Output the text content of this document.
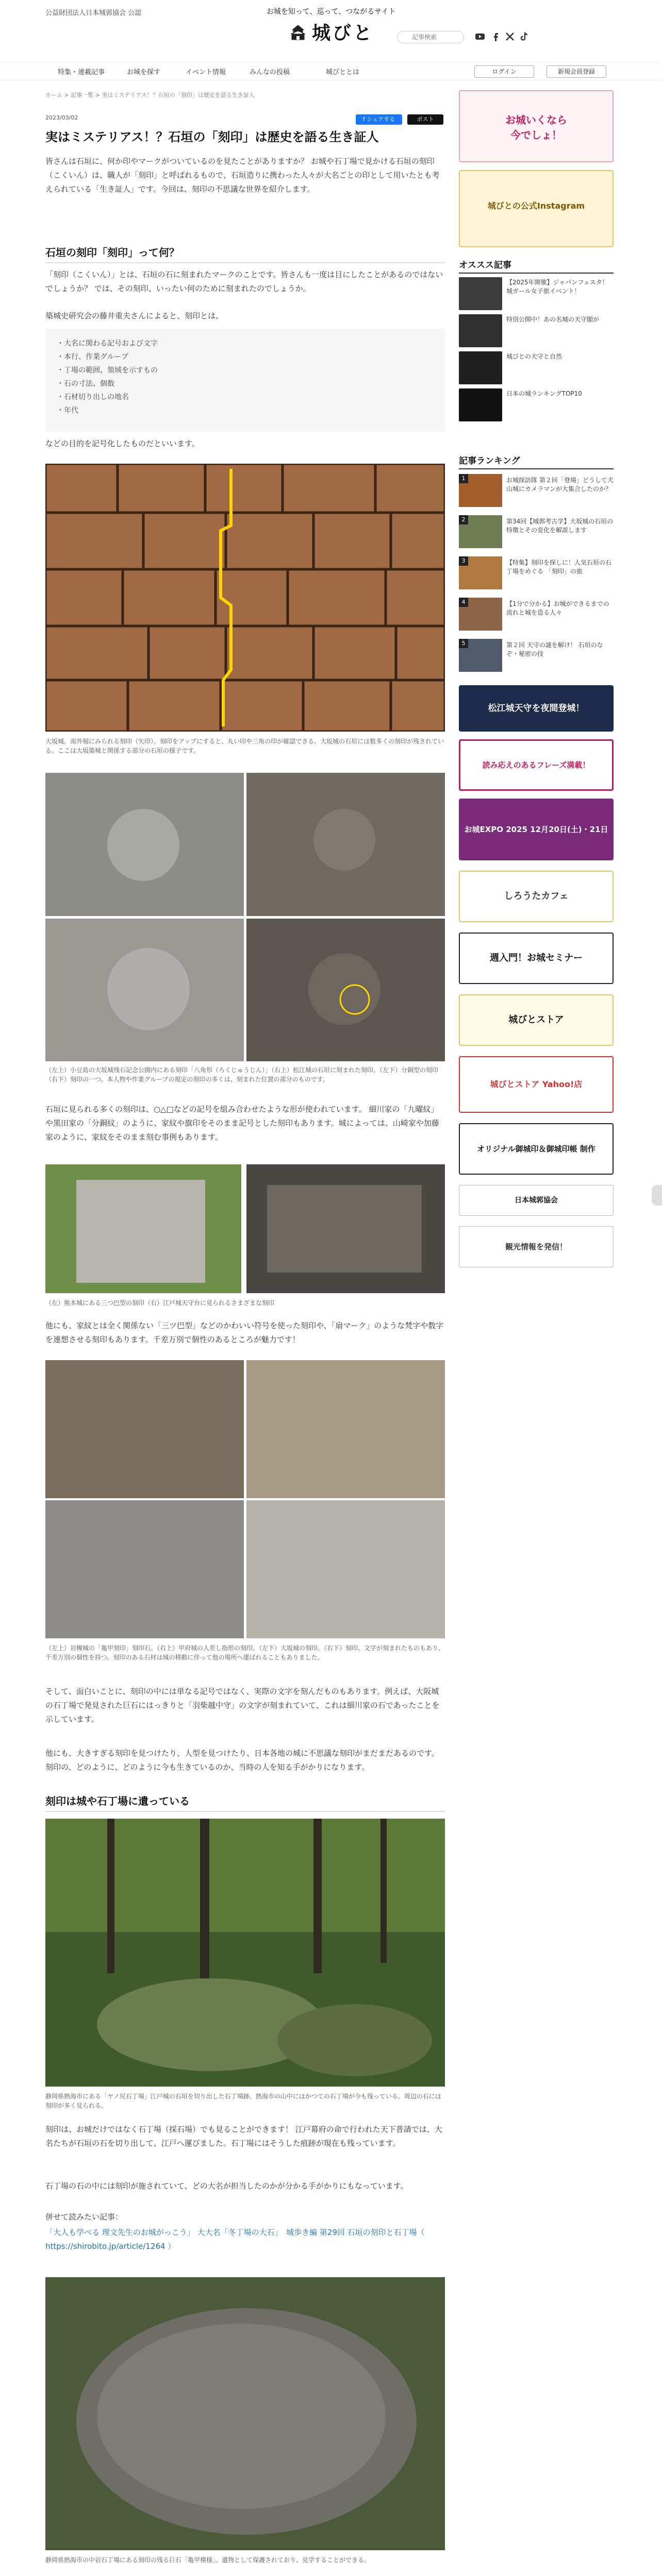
公益財団法人日本城郭協会 公認	お城を知って、巡って、つながるサイト
城びと
記事検索
特集・連載記事	お城を探す	イベント情報	みんなの投稿	城びととは	ログイン	新規会員登録
ホーム > 記事一覧 > 実はミステリアス！？石垣の「刻印」は歴史を語る生き証人
2023/03/02	f シェアする	ポスト
実はミステリアス！？石垣の「刻印」は歴史を語る生き証人

皆さんは石垣に、何か印やマークがついているのを見たことがありますか？ お城や石丁場で見かける石垣の刻印（こくいん）は、職人が「刻印」と呼ばれるもので、石垣造りに携わった人々が大名ごとの印として用いたとも考えられている「生き証人」です。今回は、刻印の不思議な世界を紹介します。

石垣の刻印「刻印」って何？

「刻印（こくいん）」とは、石垣の石に刻まれたマークのことです。皆さんも一度は目にしたことがあるのではないでしょうか？ では、その刻印、いったい何のために刻まれたのでしょうか。

築城史研究会の藤井重夫さんによると、刻印とは、

・大名に関わる記号および文字
・本行、作業グループ
・丁場の範囲、領域を示すもの
・石の寸法、個数
・石材切り出しの地名
・年代

などの目的を記号化したものだといいます。

大坂城。南外堀にみられる刻印（矢印）。刻印をアップにすると、丸い印や三角の印が確認できる。大坂城の石垣には数多くの刻印が残されている。ここは大坂築城と関係する部分の石垣の様子です。
（左上）小豆島の大坂城残石記念公園内にある刻印「八角形（ろくじゅうじん）」（右上）松江城の石垣に刻まれた刻印。（左下）分銅型の刻印 （右下）刻印の一つ。本人物や作業グループの規定の刻印の多くは、刻まれた位置の部分のものです。

石垣に見られる多くの刻印は、○△□などの記号を組み合わせたような形が使われています。 細川家の「九曜紋」や黒田家の「分銅紋」のように、家紋や旗印をそのまま記号とした刻印もあります。城によっては、山崎家や加藤家のように、家紋をそのまま刻む事例もあります。

（左）熊本城にある三つ巴型の刻印（右）江戸城天守台に見られるさまざまな刻印

他にも、家紋とは全く関係ない「三ツ巴型」などのかわいい符号を使った刻印や、「扇マーク」のような梵字や数字を連想させる刻印もあります。千差万別で個性のあるところが魅力です！

（左上）岩槻城の「亀甲刻印」刻印石。（右上）甲府城の人差し指形の刻印。（左下）大坂城の刻印。（右下）刻印。文字が刻まれたものもあり、千差万別の個性を持つ。刻印のある石材は城の移動に伴って他の場所へ運ばれることもありました。

そして、面白いことに、刻印の中には単なる記号ではなく、実際の文字を刻んだものもあります。例えば、大阪城の石丁場で発見された巨石にはっきりと「羽柴越中守」の文字が刻まれていて、これは細川家の石であったことを示しています。

他にも、大きすぎる刻印を見つけたり、人型を見つけたり、日本各地の城に不思議な刻印がまだまだあるのです。刻印の、どのように、どのように今も生きているのか、当時の人を知る手がかりになります。

刻印は城や石丁場に遺っている
静岡県熱海市にある「ヤノ尻石丁場」江戸城の石垣を切り出した石丁場跡。熱海市の山中にはかつての石丁場が今も残っている。周辺の石には刻印が多く見られる。

刻印は、お城だけではなく石丁場（採石場）でも見ることができます！ 江戸幕府の命で行われた天下普請では、大名たちが石垣の石を切り出して、江戸へ運びました。石丁場にはそうした痕跡が現在も残っています。

石丁場の石の中には刻印が施されていて、どの大名が担当したのかが分かる手がかりにもなっています。

併せて読みたい記事：

「大人も学べる 理文先生のお城がっこう」 大大名「冬丁場の大石」　城歩き編 第29回 石垣の刻印と石丁場（ https://shirobito.jp/article/1264 ）

静岡県熱海市の中岩石丁場にある刻印の残る巨石「亀甲模様」。遺物として保護されており、見学することができる。

お城いくなら
今でしょ！
城びとの公式Instagram
オススス記事
【2025年開催】ジャパンフェスタ！城ガール女子旅イベント！
特別公開中！あの名城の天守閣が
城びとの天守と自然
日本の城ランキングTOP10
記事ランキング
1	お城探訪隊 第２回「登場」どうして犬山城にカメラマンが大集合したのか？
2	第34回【城郭考古学】大坂城の石垣の特徴とその変化を解説します
3	【特集】刻印を探しに！人気石垣の石丁場をめぐる 「刻印」の旅
4	【1分で分かる】お城ができるまでの流れと城を造る人々
5	第２回 天守の謎を解け！ 石垣のなぞ・秘密の技
松江城天守を夜間登城！
読み応えのあるフレーズ満載！
お城EXPO 2025 12月20日(土)・21日
しろうたカフェ
週入門！お城セミナー
城びとストア
城びとストア Yahoo!店
オリジナル御城印＆御城印帳 制作
日本城郭協会
観光情報を発信！
